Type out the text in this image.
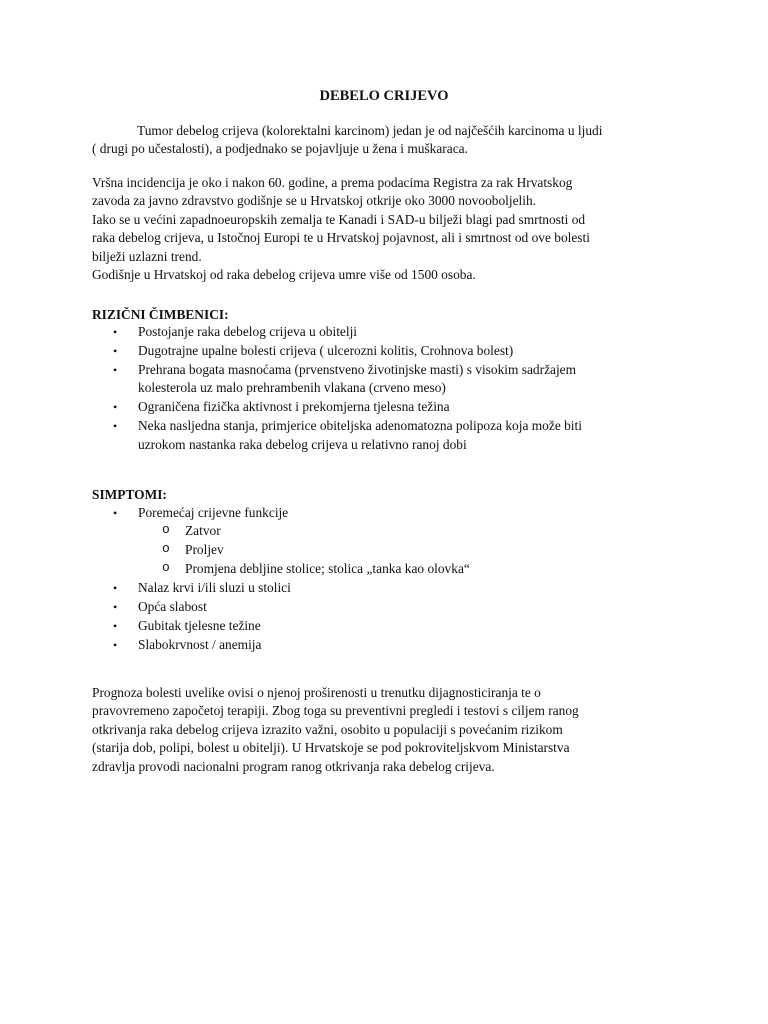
DEBELO CRIJEVO
Tumor debelog crijeva (kolorektalni karcinom) jedan je od najčešćih karcinoma u ljudi
( drugi po učestalosti), a podjednako se pojavljuje u žena i muškaraca.
Vršna incidencija je oko i nakon 60. godine, a prema podacima Registra za rak Hrvatskog
zavoda za javno zdravstvo godišnje se u Hrvatskoj otkrije oko 3000 novooboljelih.
Iako se u većini zapadnoeuropskih zemalja te Kanadi i SAD-u bilježi blagi pad smrtnosti od
raka debelog crijeva, u Istočnoj Europi te u Hrvatskoj pojavnost, ali i smrtnost od ove bolesti
bilježi uzlazni trend.
Godišnje u Hrvatskoj od raka debelog crijeva umre više od 1500 osoba.
RIZIČNI ČIMBENICI:
• Postojanje raka debelog crijeva u obitelji
• Dugotrajne upalne bolesti crijeva ( ulcerozni kolitis, Crohnova bolest)
• Prehrana bogata masnoćama (prvenstveno životinjske masti) s visokim sadržajem
kolesterola uz malo prehrambenih vlakana (crveno meso)
• Ograničena fizička aktivnost i prekomjerna tjelesna težina
• Neka nasljedna stanja, primjerice obiteljska adenomatozna polipoza koja može biti
uzrokom nastanka raka debelog crijeva u relativno ranoj dobi
SIMPTOMI:
• Poremećaj crijevne funkcije
o Zatvor
o Proljev
o Promjena debljine stolice; stolica „tanka kao olovka“
• Nalaz krvi i/ili sluzi u stolici
• Opća slabost
• Gubitak tjelesne težine
• Slabokrvnost / anemija
Prognoza bolesti uvelike ovisi o njenoj proširenosti u trenutku dijagnosticiranja te o
pravovremeno započetoj terapiji. Zbog toga su preventivni pregledi i testovi s ciljem ranog
otkrivanja raka debelog crijeva izrazito važni, osobito u populaciji s povećanim rizikom
(starija dob, polipi, bolest u obitelji). U Hrvatskoje se pod pokroviteljskvom Ministarstva
zdravlja provodi nacionalni program ranog otkrivanja raka debelog crijeva.
